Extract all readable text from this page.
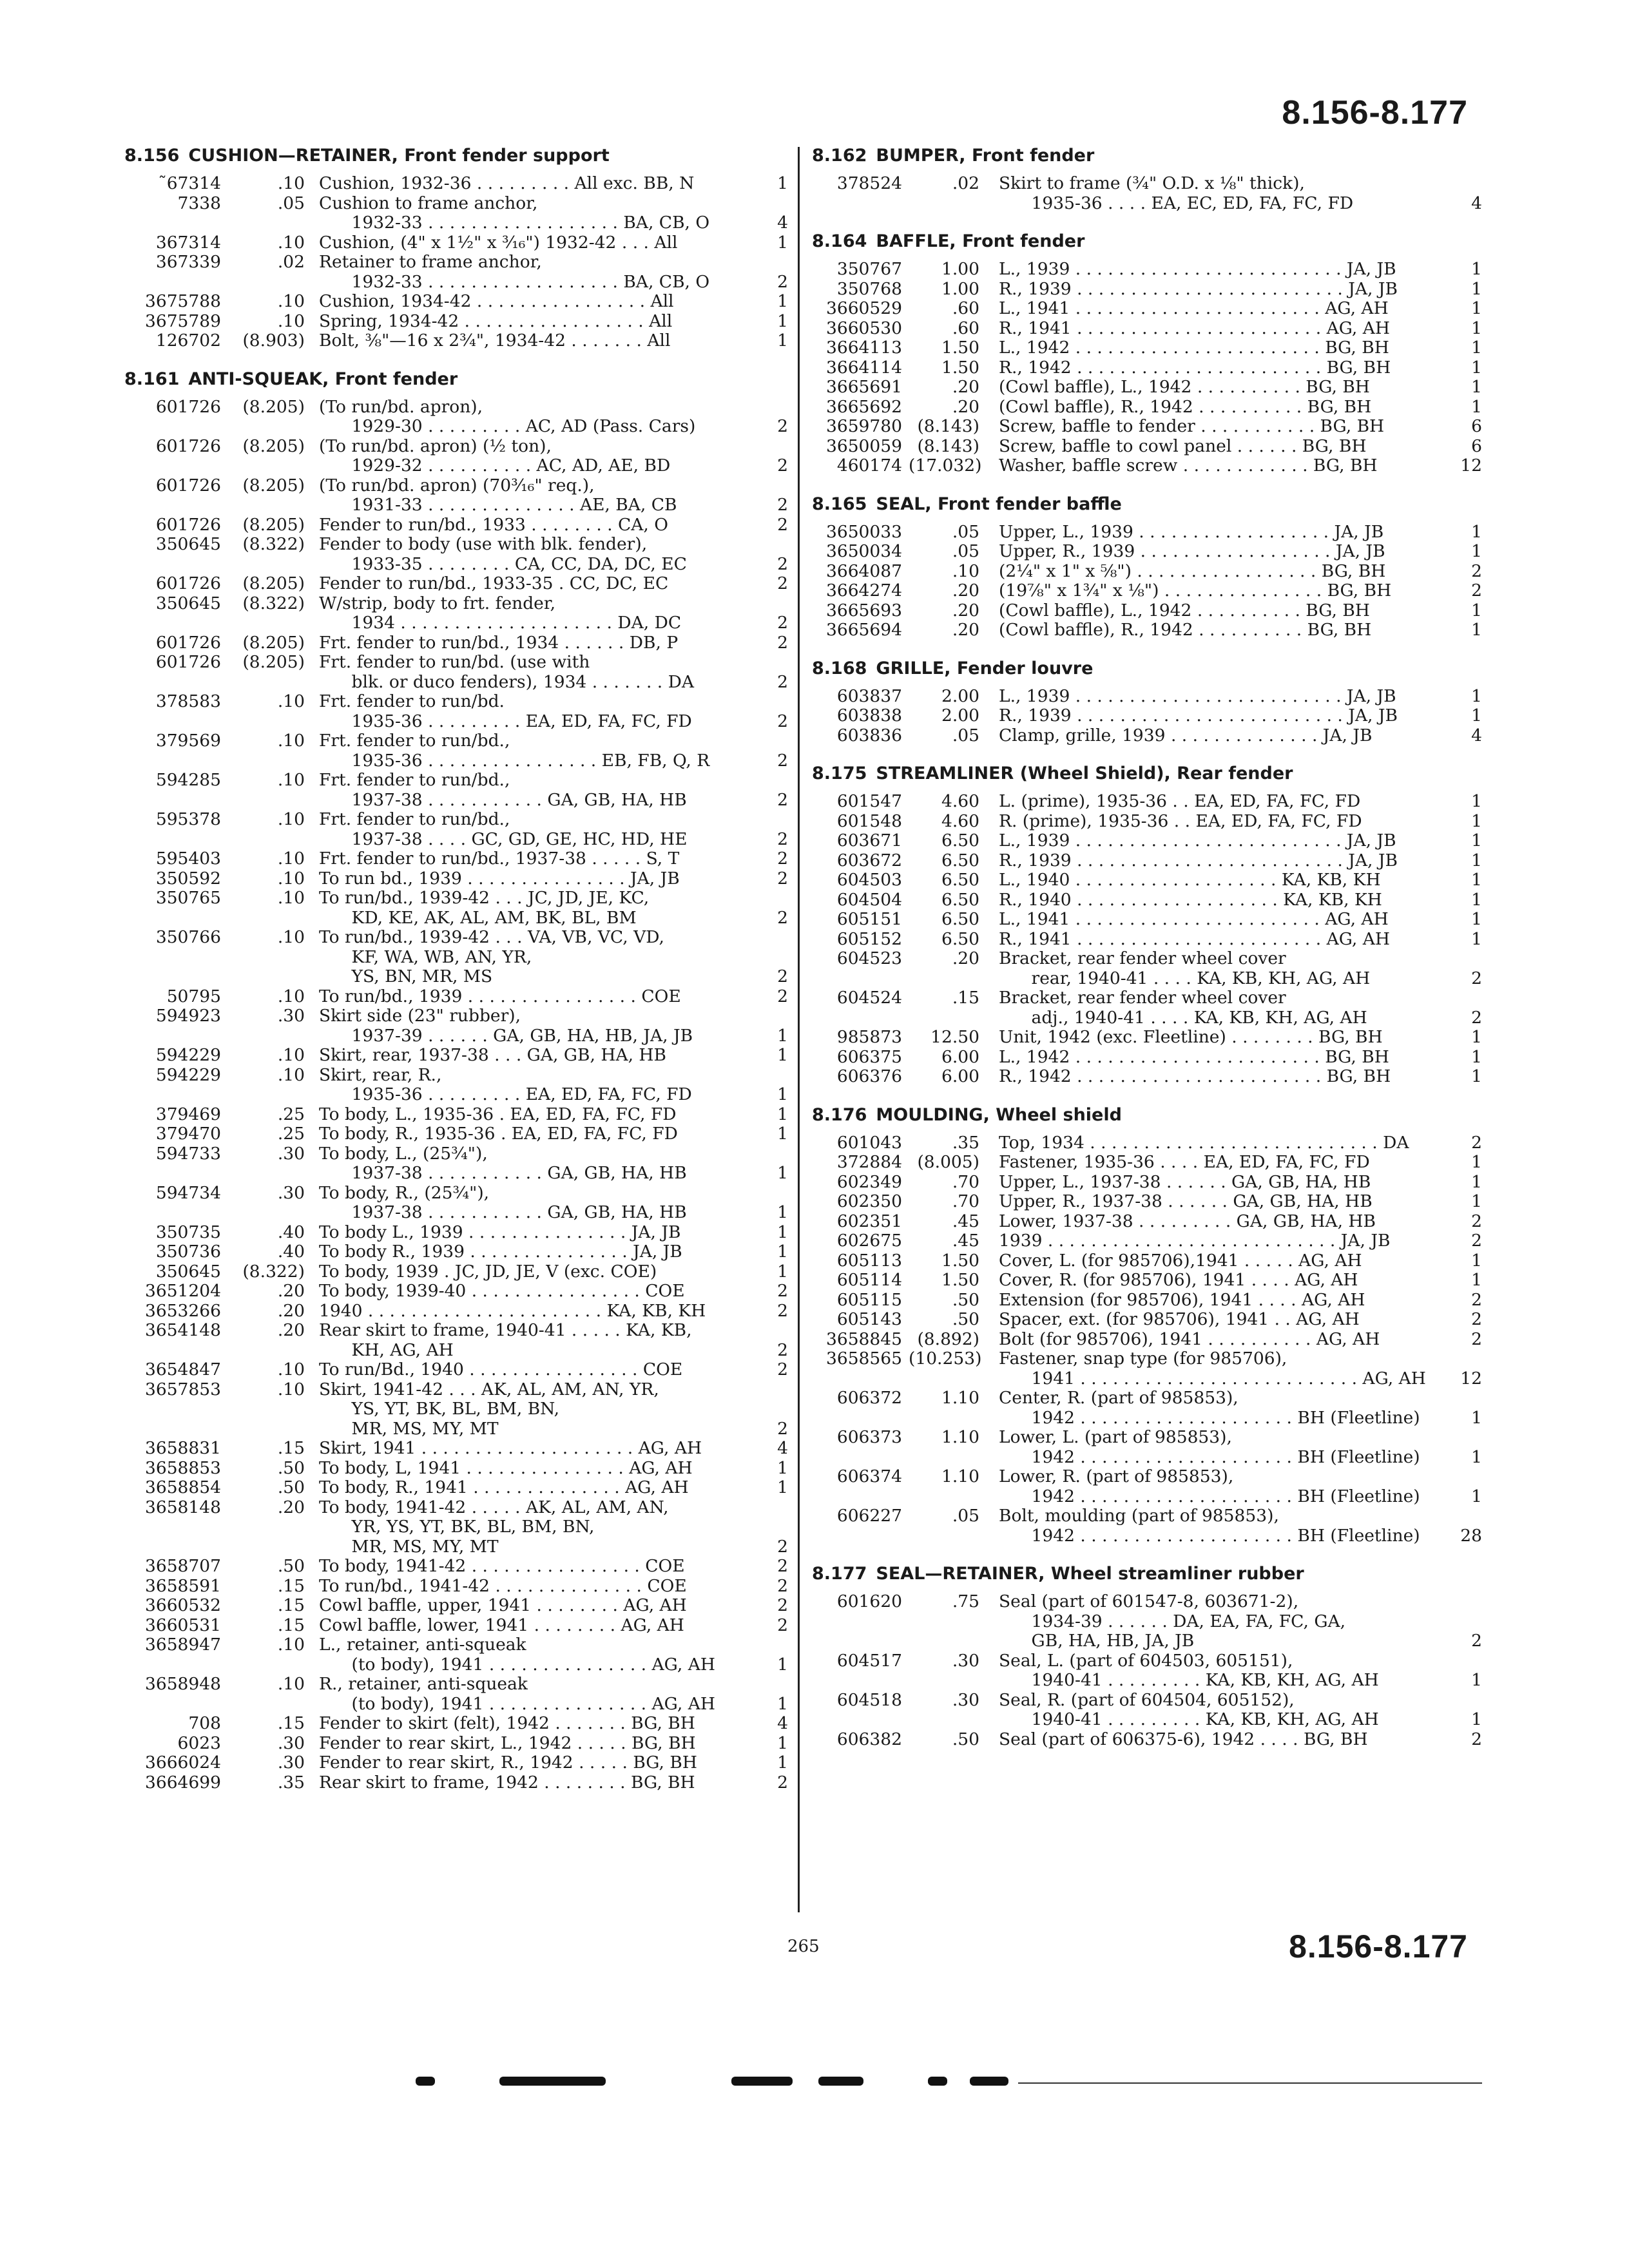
8.156-8.177
8.156 CUSHION—RETAINER, Front fender support
˜67314	.10 Cushion, 1932-36 . . . . . . . . . All exc. BB, N	1
7338	.05 Cushion to frame anchor,
1932-33 . . . . . . . . . . . . . . . . . . BA, CB, O	4
367314	.10 Cushion, (4" x 1½" x ³⁄₁₆") 1932-42 . . . All	1
367339	.02 Retainer to frame anchor,
1932-33 . . . . . . . . . . . . . . . . . . BA, CB, O	2
3675788	.10 Cushion, 1934-42 . . . . . . . . . . . . . . . . All	1
3675789	.10 Spring, 1934-42 . . . . . . . . . . . . . . . . . All	1
126702	(8.903) Bolt, ⅜"—16 x 2¾", 1934-42 . . . . . . . All	1
8.161 ANTI-SQUEAK, Front fender
601726	(8.205) (To run/bd. apron),
1929-30 . . . . . . . . . AC, AD (Pass. Cars)	2
601726	(8.205) (To run/bd. apron) (½ ton),
1929-32 . . . . . . . . . . AC, AD, AE, BD	2
601726	(8.205) (To run/bd. apron) (70³⁄₁₆" req.),
1931-33 . . . . . . . . . . . . . . AE, BA, CB	2
601726	(8.205) Fender to run/bd., 1933 . . . . . . . . CA, O	2
350645	(8.322) Fender to body (use with blk. fender),
1933-35 . . . . . . . . CA, CC, DA, DC, EC	2
601726	(8.205) Fender to run/bd., 1933-35 . CC, DC, EC	2
350645	(8.322) W/strip, body to frt. fender,
1934 . . . . . . . . . . . . . . . . . . . . DA, DC	2
601726	(8.205) Frt. fender to run/bd., 1934 . . . . . . DB, P	2
601726	(8.205) Frt. fender to run/bd. (use with
blk. or duco fenders), 1934 . . . . . . . DA	2
378583	.10 Frt. fender to run/bd.
1935-36 . . . . . . . . . EA, ED, FA, FC, FD	2
379569	.10 Frt. fender to run/bd.,
1935-36 . . . . . . . . . . . . . . . . EB, FB, Q, R	2
594285	.10 Frt. fender to run/bd.,
1937-38 . . . . . . . . . . . GA, GB, HA, HB	2
595378	.10 Frt. fender to run/bd.,
1937-38 . . . . GC, GD, GE, HC, HD, HE	2
595403	.10 Frt. fender to run/bd., 1937-38 . . . . . S, T	2
350592	.10 To run bd., 1939 . . . . . . . . . . . . . . . JA, JB	2
350765	.10 To run/bd., 1939-42 . . . JC, JD, JE, KC,
KD, KE, AK, AL, AM, BK, BL, BM	2
350766	.10 To run/bd., 1939-42 . . . VA, VB, VC, VD,
KF, WA, WB, AN, YR,
YS, BN, MR, MS	2
50795	.10 To run/bd., 1939 . . . . . . . . . . . . . . . . COE	2
594923	.30 Skirt side (23" rubber),
1937-39 . . . . . . GA, GB, HA, HB, JA, JB	1
594229	.10 Skirt, rear, 1937-38 . . . GA, GB, HA, HB	1
594229	.10 Skirt, rear, R.,
1935-36 . . . . . . . . . EA, ED, FA, FC, FD	1
379469	.25 To body, L., 1935-36 . EA, ED, FA, FC, FD	1
379470	.25 To body, R., 1935-36 . EA, ED, FA, FC, FD	1
594733	.30 To body, L., (25¾"),
1937-38 . . . . . . . . . . . GA, GB, HA, HB	1
594734	.30 To body, R., (25¾"),
1937-38 . . . . . . . . . . . GA, GB, HA, HB	1
350735	.40 To body L., 1939 . . . . . . . . . . . . . . . JA, JB	1
350736	.40 To body R., 1939 . . . . . . . . . . . . . . . JA, JB	1
350645	(8.322) To body, 1939 . JC, JD, JE, V (exc. COE)	1
3651204	.20 To body, 1939-40 . . . . . . . . . . . . . . . . COE	2
3653266	.20 1940 . . . . . . . . . . . . . . . . . . . . . . KA, KB, KH	2
3654148	.20 Rear skirt to frame, 1940-41 . . . . . KA, KB,
KH, AG, AH	2
3654847	.10 To run/Bd., 1940 . . . . . . . . . . . . . . . . COE	2
3657853	.10 Skirt, 1941-42 . . . AK, AL, AM, AN, YR,
YS, YT, BK, BL, BM, BN,
MR, MS, MY, MT	2
3658831	.15 Skirt, 1941 . . . . . . . . . . . . . . . . . . . . AG, AH	4
3658853	.50 To body, L, 1941 . . . . . . . . . . . . . . . AG, AH	1
3658854	.50 To body, R., 1941 . . . . . . . . . . . . . . AG, AH	1
3658148	.20 To body, 1941-42 . . . . . AK, AL, AM, AN,
YR, YS, YT, BK, BL, BM, BN,
MR, MS, MY, MT	2
3658707	.50 To body, 1941-42 . . . . . . . . . . . . . . . . COE	2
3658591	.15 To run/bd., 1941-42 . . . . . . . . . . . . . . COE	2
3660532	.15 Cowl baffle, upper, 1941 . . . . . . . . AG, AH	2
3660531	.15 Cowl baffle, lower, 1941 . . . . . . . . AG, AH	2
3658947	.10 L., retainer, anti-squeak
(to body), 1941 . . . . . . . . . . . . . . . AG, AH	1
3658948	.10 R., retainer, anti-squeak
(to body), 1941 . . . . . . . . . . . . . . . AG, AH	1
708	.15 Fender to skirt (felt), 1942 . . . . . . . BG, BH	4
6023	.30 Fender to rear skirt, L., 1942 . . . . . BG, BH	1
3666024	.30 Fender to rear skirt, R., 1942 . . . . . BG, BH	1
3664699	.35 Rear skirt to frame, 1942 . . . . . . . . BG, BH	2
8.162 BUMPER, Front fender
378524	.02 Skirt to frame (¾" O.D. x ⅛" thick),
1935-36 . . . . EA, EC, ED, FA, FC, FD	4
8.164 BAFFLE, Front fender
350767	1.00 L., 1939 . . . . . . . . . . . . . . . . . . . . . . . . . JA, JB	1
350768	1.00 R., 1939 . . . . . . . . . . . . . . . . . . . . . . . . . JA, JB	1
3660529	.60 L., 1941 . . . . . . . . . . . . . . . . . . . . . . . AG, AH	1
3660530	.60 R., 1941 . . . . . . . . . . . . . . . . . . . . . . . AG, AH	1
3664113	1.50 L., 1942 . . . . . . . . . . . . . . . . . . . . . . . BG, BH	1
3664114	1.50 R., 1942 . . . . . . . . . . . . . . . . . . . . . . . BG, BH	1
3665691	.20 (Cowl baffle), L., 1942 . . . . . . . . . . BG, BH	1
3665692	.20 (Cowl baffle), R., 1942 . . . . . . . . . . BG, BH	1
3659780 (8.143) Screw, baffle to fender . . . . . . . . . . . BG, BH	6
3650059 (8.143) Screw, baffle to cowl panel . . . . . . BG, BH	6
460174 (17.032) Washer, baffle screw . . . . . . . . . . . . BG, BH	12
8.165 SEAL, Front fender baffle
3650033	.05 Upper, L., 1939 . . . . . . . . . . . . . . . . . . JA, JB	1
3650034	.05 Upper, R., 1939 . . . . . . . . . . . . . . . . . . JA, JB	1
3664087	.10 (2¼" x 1" x ⅝") . . . . . . . . . . . . . . . . . BG, BH	2
3664274	.20 (19⅞" x 1¾" x ⅛") . . . . . . . . . . . . . . . BG, BH	2
3665693	.20 (Cowl baffle), L., 1942 . . . . . . . . . . BG, BH	1
3665694	.20 (Cowl baffle), R., 1942 . . . . . . . . . . BG, BH	1
8.168 GRILLE, Fender louvre
603837	2.00 L., 1939 . . . . . . . . . . . . . . . . . . . . . . . . . JA, JB	1
603838	2.00 R., 1939 . . . . . . . . . . . . . . . . . . . . . . . . . JA, JB	1
603836	.05 Clamp, grille, 1939 . . . . . . . . . . . . . . JA, JB	4
8.175 STREAMLINER (Wheel Shield), Rear fender
601547	4.60 L. (prime), 1935-36 . . EA, ED, FA, FC, FD	1
601548	4.60 R. (prime), 1935-36 . . EA, ED, FA, FC, FD	1
603671	6.50 L., 1939 . . . . . . . . . . . . . . . . . . . . . . . . . JA, JB	1
603672	6.50 R., 1939 . . . . . . . . . . . . . . . . . . . . . . . . . JA, JB	1
604503	6.50 L., 1940 . . . . . . . . . . . . . . . . . . . KA, KB, KH	1
604504	6.50 R., 1940 . . . . . . . . . . . . . . . . . . . KA, KB, KH	1
605151	6.50 L., 1941 . . . . . . . . . . . . . . . . . . . . . . . AG, AH	1
605152	6.50 R., 1941 . . . . . . . . . . . . . . . . . . . . . . . AG, AH	1
604523	.20 Bracket, rear fender wheel cover
rear, 1940-41 . . . . KA, KB, KH, AG, AH	2
604524	.15 Bracket, rear fender wheel cover
adj., 1940-41 . . . . KA, KB, KH, AG, AH	2
985873	12.50 Unit, 1942 (exc. Fleetline) . . . . . . . . BG, BH	1
606375	6.00 L., 1942 . . . . . . . . . . . . . . . . . . . . . . . BG, BH	1
606376	6.00 R., 1942 . . . . . . . . . . . . . . . . . . . . . . . BG, BH	1
8.176 MOULDING, Wheel shield
601043	.35 Top, 1934 . . . . . . . . . . . . . . . . . . . . . . . . . . . DA	2
372884 (8.005) Fastener, 1935-36 . . . . EA, ED, FA, FC, FD	1
602349	.70 Upper, L., 1937-38 . . . . . . GA, GB, HA, HB	1
602350	.70 Upper, R., 1937-38 . . . . . . GA, GB, HA, HB	1
602351	.45 Lower, 1937-38 . . . . . . . . . GA, GB, HA, HB	2
602675	.45 1939 . . . . . . . . . . . . . . . . . . . . . . . . . . . JA, JB	2
605113	1.50 Cover, L. (for 985706),1941 . . . . . AG, AH	1
605114	1.50 Cover, R. (for 985706), 1941 . . . . AG, AH	1
605115	.50 Extension (for 985706), 1941 . . . . AG, AH	2
605143	.50 Spacer, ext. (for 985706), 1941 . . AG, AH	2
3658845 (8.892) Bolt (for 985706), 1941 . . . . . . . . . . AG, AH	2
3658565 (10.253) Fastener, snap type (for 985706),
1941 . . . . . . . . . . . . . . . . . . . . . . . . . . AG, AH	12
606372	1.10 Center, R. (part of 985853),
1942 . . . . . . . . . . . . . . . . . . . . BH (Fleetline)	1
606373	1.10 Lower, L. (part of 985853),
1942 . . . . . . . . . . . . . . . . . . . . BH (Fleetline)	1
606374	1.10 Lower, R. (part of 985853),
1942 . . . . . . . . . . . . . . . . . . . . BH (Fleetline)	1
606227	.05 Bolt, moulding (part of 985853),
1942 . . . . . . . . . . . . . . . . . . . . BH (Fleetline)	28
8.177 SEAL—RETAINER, Wheel streamliner rubber
601620	.75 Seal (part of 601547-8, 603671-2),
1934-39 . . . . . . DA, EA, FA, FC, GA,
GB, HA, HB, JA, JB	2
604517	.30 Seal, L. (part of 604503, 605151),
1940-41 . . . . . . . . . KA, KB, KH, AG, AH	1
604518	.30 Seal, R. (part of 604504, 605152),
1940-41 . . . . . . . . . KA, KB, KH, AG, AH	1
606382	.50 Seal (part of 606375-6), 1942 . . . . BG, BH	2
265	8.156-8.177
